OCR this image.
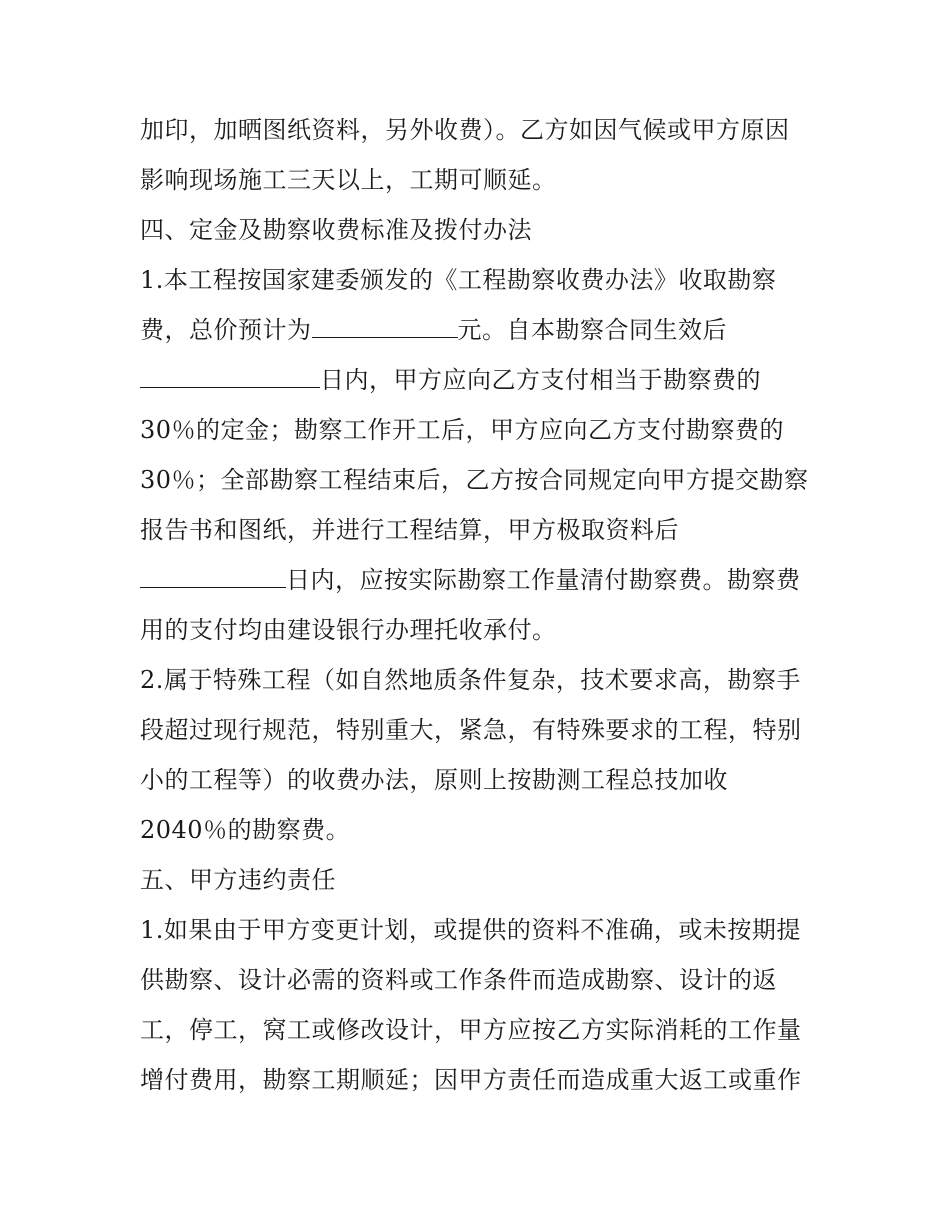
加印，加晒图纸资料，另外收费）。乙方如因气候或甲方原因
影响现场施工三天以上，工期可顺延。
四、定金及勘察收费标准及拨付办法
1.本工程按国家建委颁发的《工程勘察收费办法》收取勘察
费，总价预计为	元。自本勘察合同生效后
日内，甲方应向乙方支付相当于勘察费的
30％的定金；勘察工作开工后，甲方应向乙方支付勘察费的
30％；全部勘察工程结束后，乙方按合同规定向甲方提交勘察
报告书和图纸，并进行工程结算，甲方极取资料后
日内，应按实际勘察工作量清付勘察费。勘察费
用的支付均由建设银行办理托收承付。
2.属于特殊工程（如自然地质条件复杂，技术要求高，勘察手
段超过现行规范，特别重大，紧急，有特殊要求的工程，特别
小的工程等）的收费办法，原则上按勘测工程总技加收
2040％的勘察费。
五、甲方违约责任
1.如果由于甲方变更计划，或提供的资料不准确，或未按期提
供勘察、设计必需的资料或工作条件而造成勘察、设计的返
工，停工，窝工或修改设计，甲方应按乙方实际消耗的工作量
增付费用，勘察工期顺延；因甲方责任而造成重大返工或重作
